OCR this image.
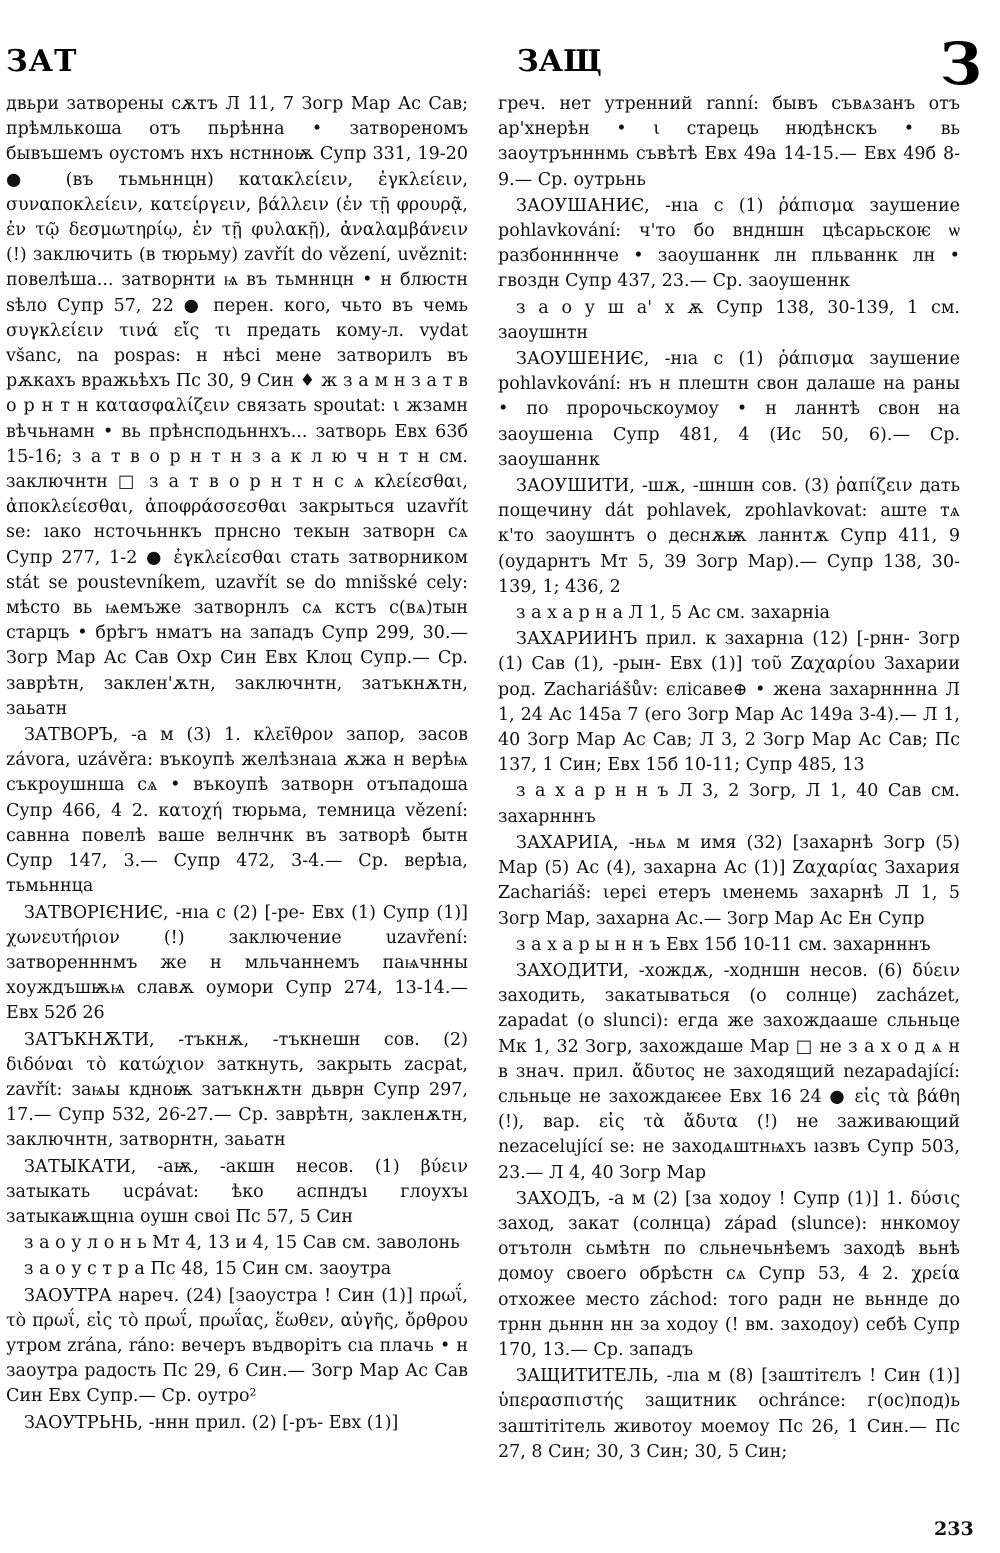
ЗАТ	ЗАЩ	З

двьри затворены сѫтъ Л 11, 7 Зогр Мар Ас Сав; прѣмлькоша отъ пьрѣнна • затвореномъ бывъшемъ оустомъ нхъ нстнноѭ Супр 331, 19-20 ● (въ тьмьннцн) κατακλείειν, ἐγκλείειν, συναποκλείειν, κατείργειν, βάλλειν (ἐν τῇ φρουρᾷ, ἐν τῷ δεσμωτηρίῳ, ἐν τῇ φυλακῇ), ἀναλαμβάνειν (!) заключить (в тюрьму) zavřít do vězení, uvěznit: повелѣша... затворнти ѩ въ тьмннцн • н блюстн ѕѣло Супр 57, 22 ● перен. кого, чьто въ чемь συγκλείειν τινά εἴς τι предать кому-л. vydat všanc, na pospas: н нѣсі мене затворилъ въ рѫкахъ вражьѣхъ Пс 30, 9 Син ♦ ж з а м н з а т в о р н т н κατασφαλίζειν связать spoutat: ι жзамн вѣчьнамн • вь прѣнсподьннхъ... затворь Евх 63б 15-16; з а т в о р н т н з а к л ю ч н т н см. заключнтн □ з а т в о р н т н с ѧ κλείεσθαι, ἀποκλείεσθαι, ἀποφράσσεσθαι закрыться uzavřít se: ıако нсточьннкъ прнсно текын затворн сѧ Супр 277, 1-2 ● ἐγκλείεσθαι стать затворником stát se poustevníkem, uzavřít se do mnišské cely: мѣсто вь ѩемъже затворнлъ сѧ кстъ с(вѧ)тын старцъ • брѣгъ нматъ на западъ Супр 299, 30.— Зогр Мар Ас Сав Охр Син Евх Клоц Супр.— Ср. заврѣтн, заклен'ѫтн, заключнтн, затъкнѫтн, заьатн

ЗАТВОРЪ, -а м (3) 1. κλεῖθρον запор, засов závora, uzávěra: въкоупѣ желѣзнаıа ѫжа н верѣѩ съкроушнша сѧ • въкоупѣ затворн отъпадоша Супр 466, 4 2. κατοχή тюрьма, темница vězení: савнна повелѣ ваше велнчнк въ затворѣ бытн Супр 147, 3.— Супр 472, 3-4.— Ср. верѣıа, тьмьннца

ЗАТВОРІЄНИЄ, -нıа с (2) [-ре- Евх (1) Супр (1)] χωνευτήριον (!) заключение uzavření: затворенннмъ же н мльчаннемъ паѩчнны хоуждъшѭѩ славѫ оумори Супр 274, 13-14.— Евх 52б 26

ЗАТЪКНѪТИ, -тъкнѫ, -тъкнешн сов. (2) διδόναι τὸ κατώχιον заткнуть, закрыть zacpat, zavřít: заѩы кдноѭ затъкнѫтн дьврн Супр 297, 17.— Супр 532, 26-27.— Ср. заврѣтн, закленѫтн, заключнтн, затворнтн, заьатн

ЗАТЫКАТИ, -аѭ, -акшн несов. (1) βύειν затыкать ucpávat: ѣко аспндъı глоухъı затыкаѭщнıа оушн своі Пс 57, 5 Син

з а о у л о н ь Мт 4, 13 и 4, 15 Сав см. заволонь

з а о у с т р а Пс 48, 15 Син см. заоутра

ЗАОУТРА нареч. (24) [заоустра ! Син (1)] πρωΐ, τὸ πρωΐ, εἰς τὸ πρωΐ, πρωΐας, ἕωθεν, αὐγῆς, ὄρθρου утром zrána, ráno: вечеръ въдворітъ сıа плачь • н заоутра радость Пс 29, 6 Син.— Зогр Мар Ас Сав Син Евх Супр.— Ср. оутро²

ЗАОУТРЬНЬ, -ннн прил. (2) [-ръ- Евх (1)]

греч. нет утренний ranní: бывъ съвѧзанъ отъ ар'хнерѣн • ι старець нюдѣнскъ • вь заоутрънннмь съвѣтѣ Евх 49а 14-15.— Евх 49б 8-9.— Ср. оутрьнь

ЗАОУШАНИЄ, -нıа с (1) ῥάπισμα заушение pohlavkování: ч'то бо вндншн цѣсарьскоѥ ѡ разбоннннче • заоушаннк лн пльваннк лн • гвоздн Супр 437, 23.— Ср. заоушеннк

з а о у ш а' х ѫ Супр 138, 30-139, 1 см. заоушнтн

ЗАОУШЕНИЄ, -нıа с (1) ῥάπισμα заушение pohlavkování: нъ н плештн свон далаше на раны • по пророчьскоумоу • н ланнтѣ свон на заоушенıа Супр 481, 4 (Ис 50, 6).— Ср. заоушаннк

ЗАОУШИТИ, -шѫ, -шншн сов. (3) ῥαπίζειν дать пощечину dát pohlavek, zpohlavkovat: аште тѧ к'то заоушнтъ о деснѫѭ ланнтѫ Супр 411, 9 (оударнтъ Мт 5, 39 Зогр Мар).— Супр 138, 30-139, 1; 436, 2

з а х а р н а Л 1, 5 Ас см. захарніа

ЗАХАРИИНЪ прил. к захарнıа (12) [-рнн- Зогр (1) Сав (1), -рын- Евх (1)] τοῦ Ζαχαρίου Захарии род. Zachariášův: єлісаве⊕ • жена захарнннна Л 1, 24 Ас 145а 7 (его Зогр Мар Ас 149а 3-4).— Л 1, 40 Зогр Мар Ас Сав; Л 3, 2 Зогр Мар Ас Сав; Пс 137, 1 Син; Евх 15б 10-11; Супр 485, 13

з а х а р н н ъ Л 3, 2 Зогр, Л 1, 40 Сав см. захарнннъ

ЗАХАРИІА, -ньѧ м имя (32) [захарнѣ Зогр (5) Мар (5) Ас (4), захарна Ас (1)] Ζαχαρίας Захария Zachariáš: ιерєі етеръ ιменемь захарнѣ Л 1, 5 Зогр Мар, захарна Ас.— Зогр Мар Ас Ен Супр

з а х а р ы н н ъ Евх 15б 10-11 см. захарнннъ

ЗАХОДИТИ, -хождѫ, -ходншн несов. (6) δύειν заходить, закатываться (о солнце) zacházet, zapadat (o slunci): егда же захождааше сльньце Мк 1, 32 Зогр, захождаше Мар □ не з а х о д ѧ н в знач. прил. ἄδυτος не заходящий nezapadající: сльньце не захождаѥее Евх 16 24 ● εἰς τὰ βάθη (!), вар. εἰς τὰ ἄδυτα (!) не заживающий nezacelující se: не заходѧштнѩхъ ıазвъ Супр 503, 23.— Л 4, 40 Зогр Мар

ЗАХОДЪ, -а м (2) [за ходоу ! Супр (1)] 1. δύσις заход, закат (солнца) západ (slunce): ннкомоу отътолн сьмѣтн по сльнечьнѣемъ заходѣ вьнѣ домоу своего обрѣстн сѧ Супр 53, 4 2. χρεία отхожее место záchod: того радн не вьннде до трнн дьннн нн за ходоу (! вм. заходоу) себѣ Супр 170, 13.— Ср. западъ

ЗАЩИТИТЕЛЬ, -лıа м (8) [заштітєлъ ! Син (1)] ὑπερασπιστής защитник ochránce: г(ос)под)ь заштітітель животоу моемоу Пс 26, 1 Син.— Пс 27, 8 Син; 30, 3 Син; 30, 5 Син;

233
